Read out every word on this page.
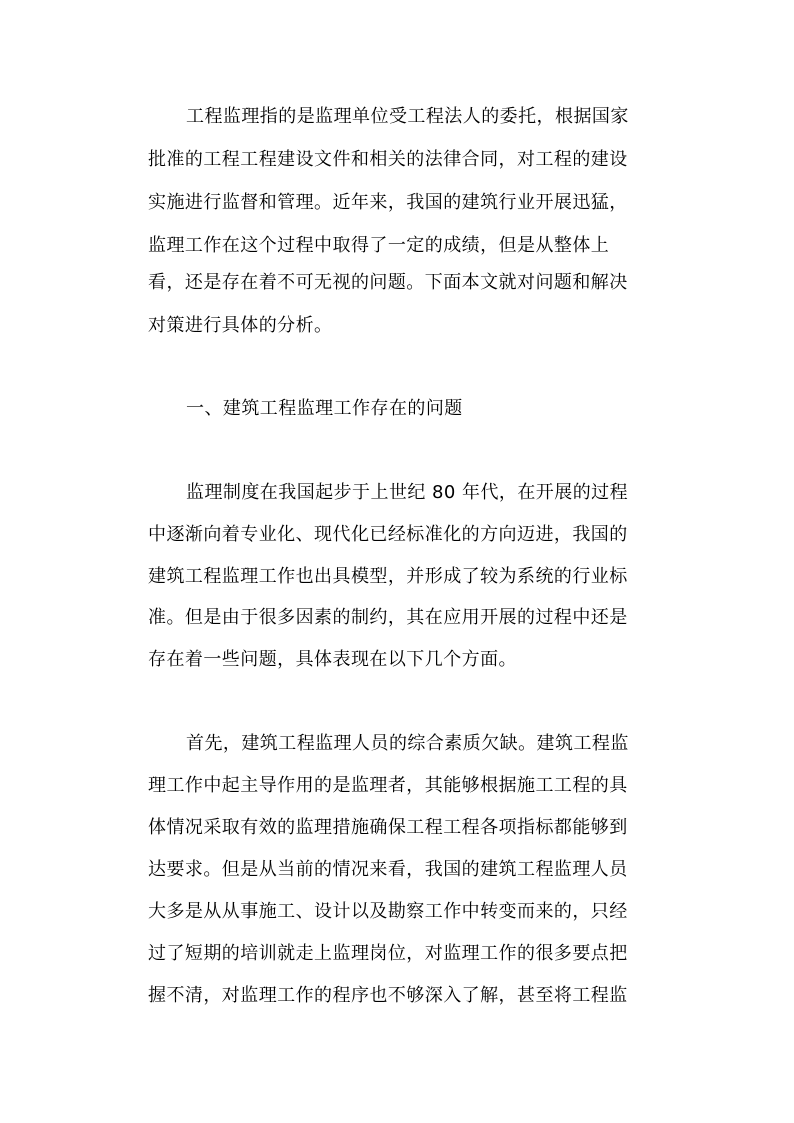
工程监理指的是监理单位受工程法人的委托，根据国家
批准的工程工程建设文件和相关的法律合同，对工程的建设
实施进行监督和管理。近年来，我国的建筑行业开展迅猛，
监理工作在这个过程中取得了一定的成绩，但是从整体上
看，还是存在着不可无视的问题。下面本文就对问题和解决
对策进行具体的分析。
一、建筑工程监理工作存在的问题
监理制度在我国起步于上世纪 80 年代，在开展的过程
中逐渐向着专业化、现代化已经标准化的方向迈进，我国的
建筑工程监理工作也出具模型，并形成了较为系统的行业标
准。但是由于很多因素的制约，其在应用开展的过程中还是
存在着一些问题，具体表现在以下几个方面。
首先，建筑工程监理人员的综合素质欠缺。建筑工程监
理工作中起主导作用的是监理者，其能够根据施工工程的具
体情况采取有效的监理措施确保工程工程各项指标都能够到
达要求。但是从当前的情况来看，我国的建筑工程监理人员
大多是从从事施工、设计以及勘察工作中转变而来的，只经
过了短期的培训就走上监理岗位，对监理工作的很多要点把
握不清，对监理工作的程序也不够深入了解，甚至将工程监
